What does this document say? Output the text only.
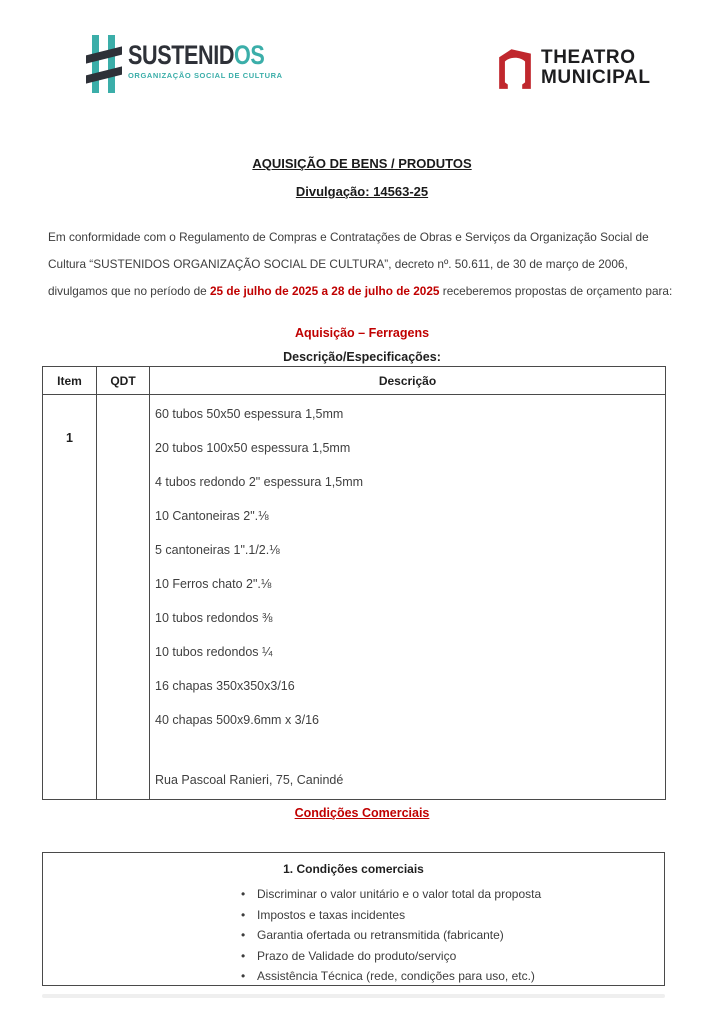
SUSTENIDOS
ORGANIZAÇÃO SOCIAL DE CULTURA
THEATRO
MUNICIPAL
AQUISIÇÃO DE BENS / PRODUTOS
Divulgação: 14563-25

Em conformidade com o Regulamento de Compras e Contratações de Obras e Serviços da Organização Social de Cultura “SUSTENIDOS ORGANIZAÇÃO SOCIAL DE CULTURA”, decreto nº. 50.611, de 30 de março de 2006, divulgamos que no período de 25 de julho de 2025 a 28 de julho de 2025 receberemos propostas de orçamento para:

Aquisição – Ferragens
Descrição/Especificações:
Item	QDT	Descrição
1		
60 tubos 50x50 espessura 1,5mm
20 tubos 100x50 espessura 1,5mm
4 tubos redondo 2" espessura 1,5mm
10 Cantoneiras 2".⅛
5 cantoneiras 1".1/2.⅛
10 Ferros chato 2".⅛
10 tubos redondos ⅜
10 tubos redondos ¼
16 chapas 350x350x3/16
40 chapas 500x9.6mm x 3/16
Rua Pascoal Ranieri, 75, Canindé
Condições Comerciais
1. Condições comerciais
• Discriminar o valor unitário e o valor total da proposta
• Impostos e taxas incidentes
• Garantia ofertada ou retransmitida (fabricante)
• Prazo de Validade do produto/serviço
• Assistência Técnica (rede, condições para uso, etc.)
